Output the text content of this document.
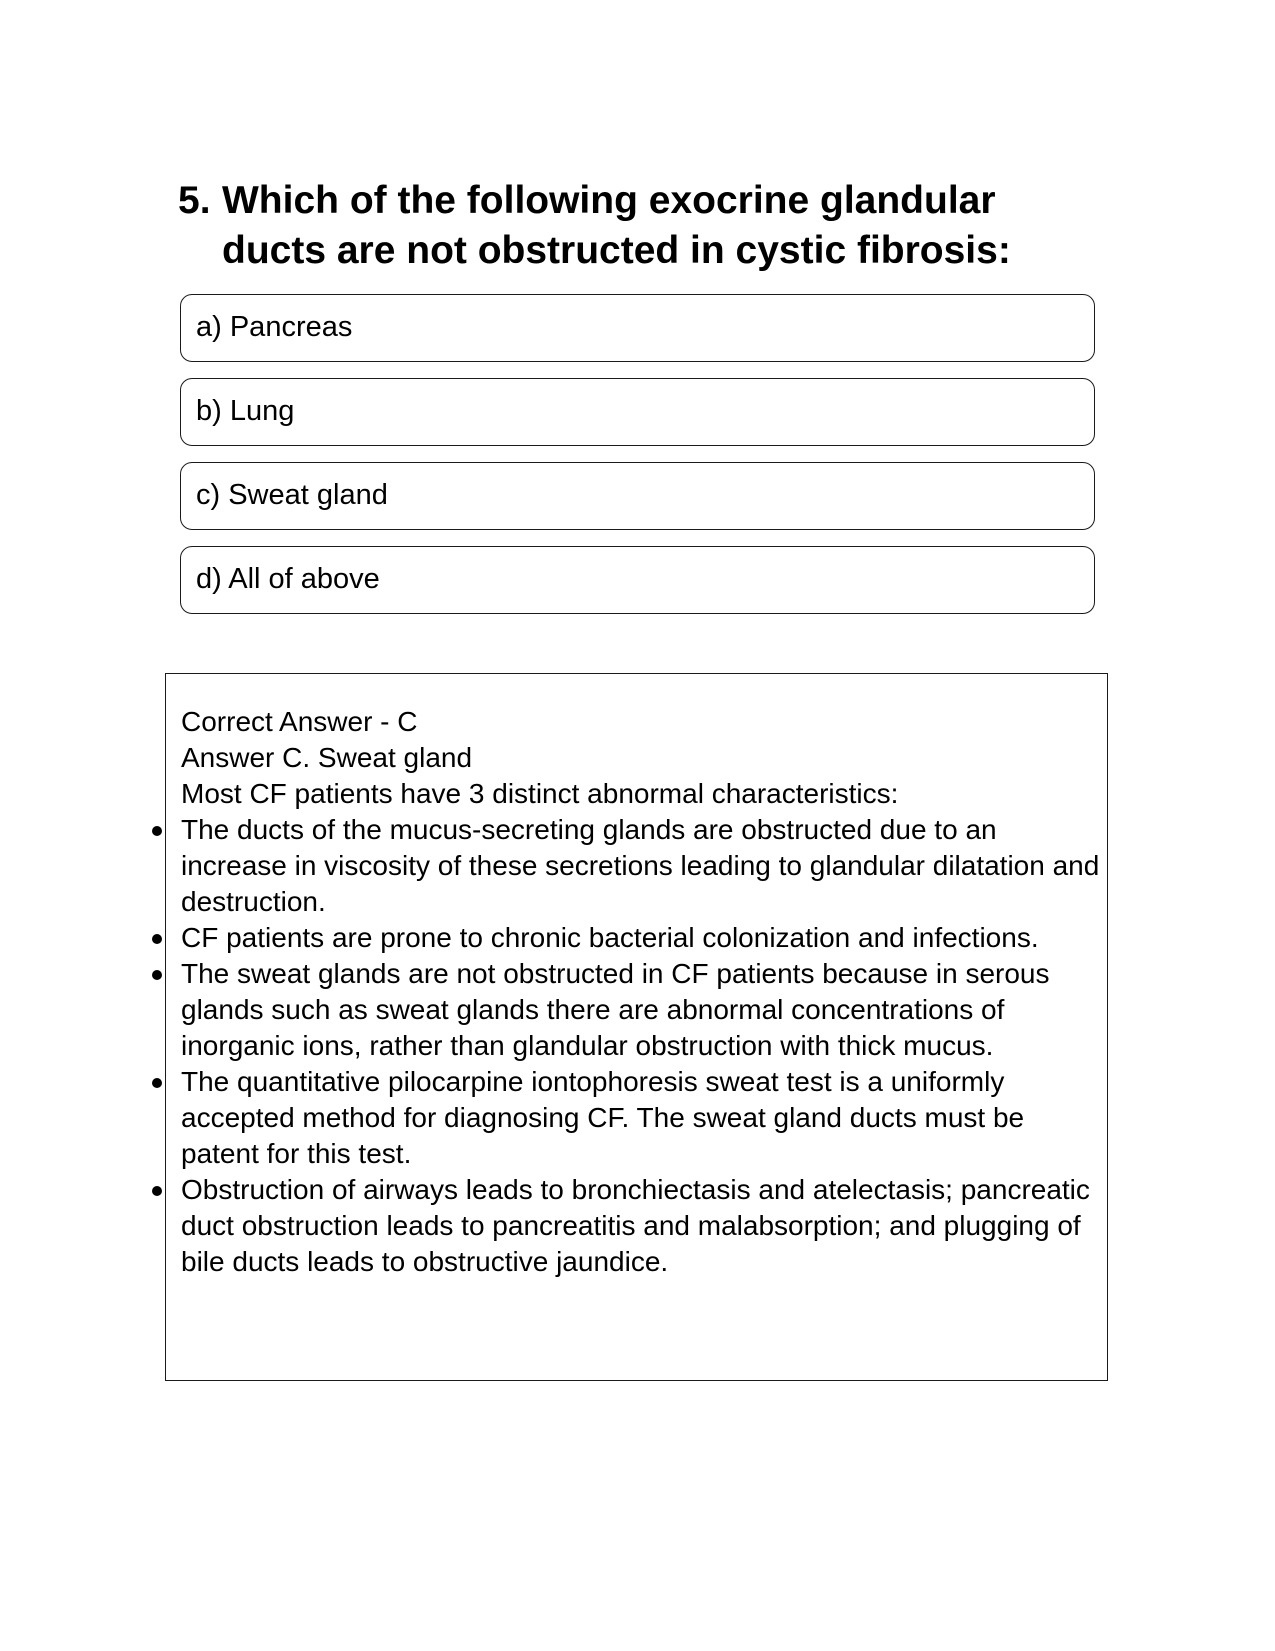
5. Which of the following exocrine glandular ducts are not obstructed in cystic fibrosis:
a) Pancreas
b) Lung
c) Sweat gland
d) All of above
Correct Answer - C
Answer C. Sweat gland
Most CF patients have 3 distinct abnormal characteristics:
The ducts of the mucus-secreting glands are obstructed due to an increase in viscosity of these secretions leading to glandular dilatation and destruction.
CF patients are prone to chronic bacterial colonization and infections.
The sweat glands are not obstructed in CF patients because in serous glands such as sweat glands there are abnormal concentrations of inorganic ions, rather than glandular obstruction with thick mucus.
The quantitative pilocarpine iontophoresis sweat test is a uniformly accepted method for diagnosing CF. The sweat gland ducts must be patent for this test.
Obstruction of airways leads to bronchiectasis and atelectasis; pancreatic duct obstruction leads to pancreatitis and malabsorption; and plugging of bile ducts leads to obstructive jaundice.
